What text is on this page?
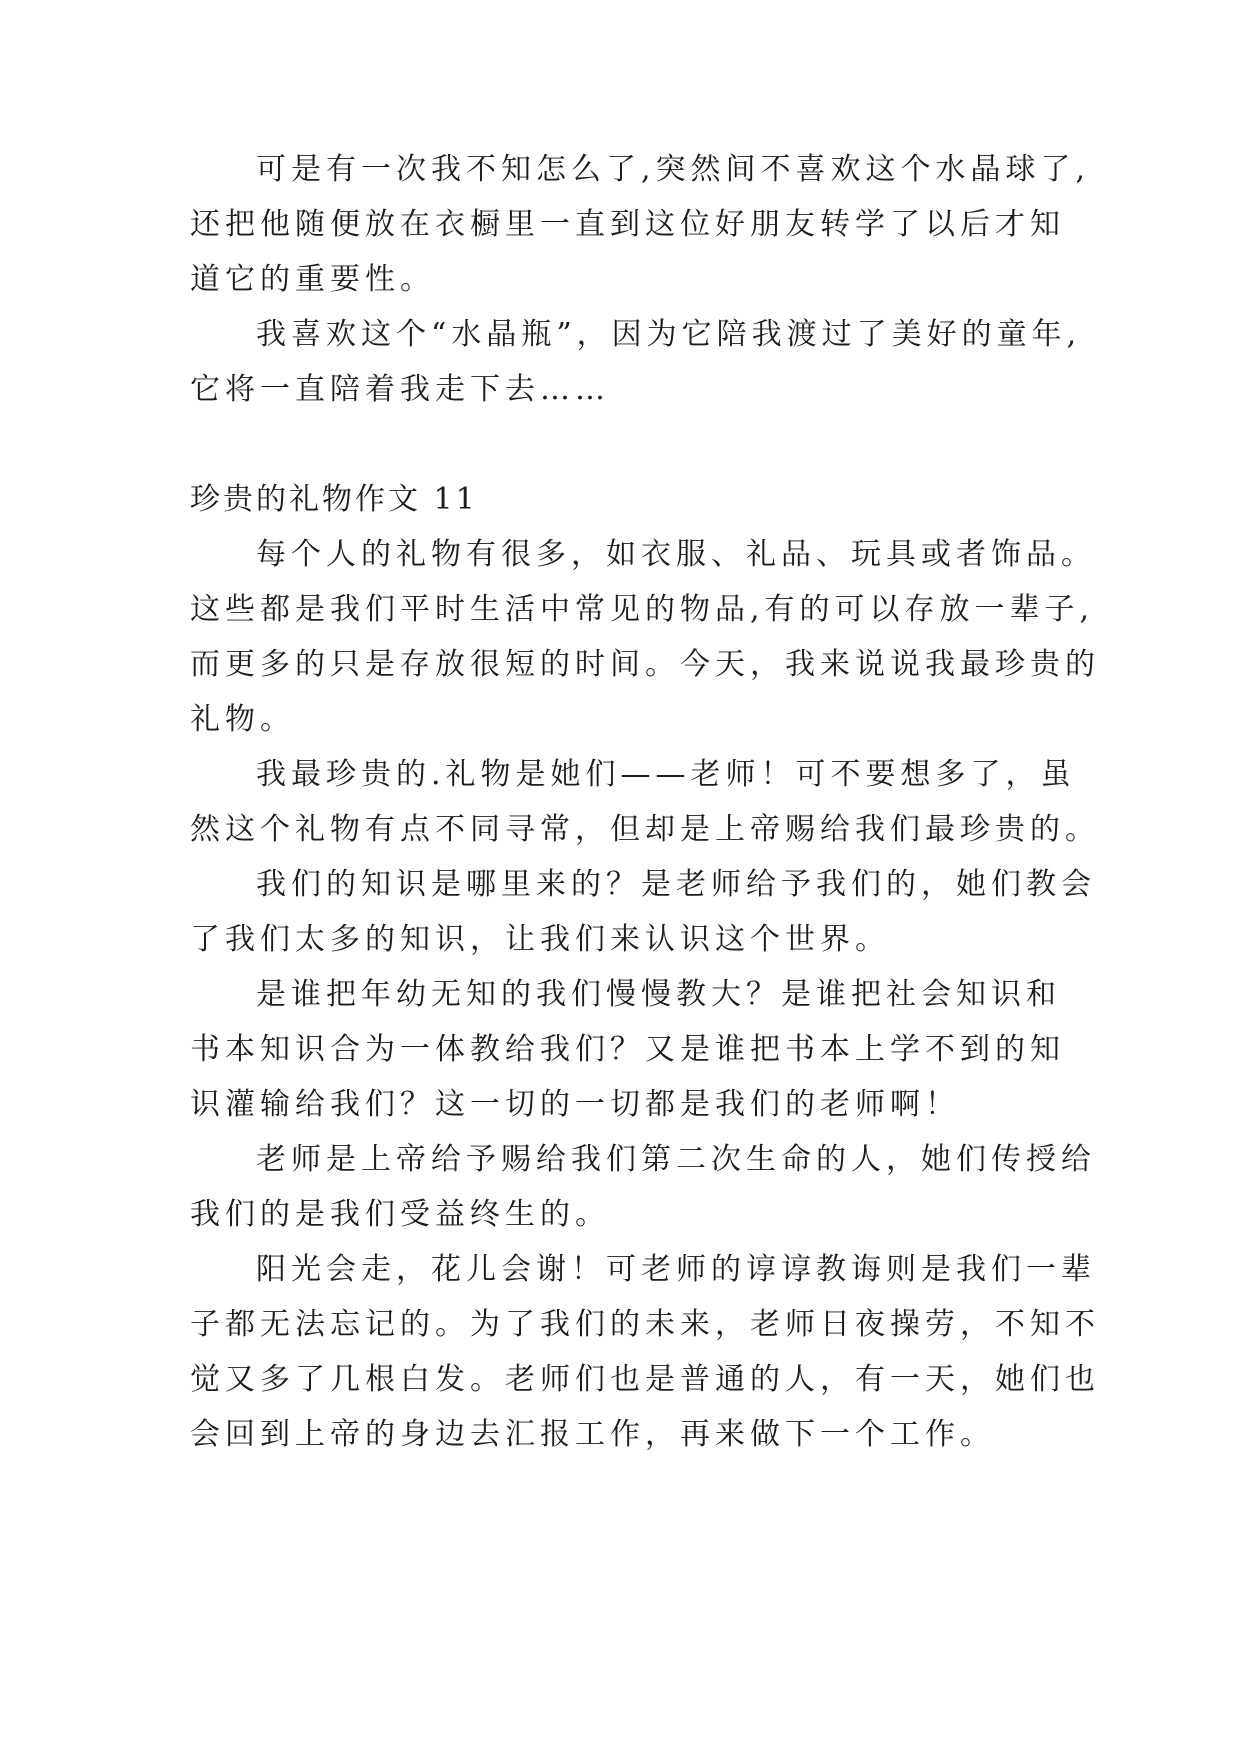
可是有一次我不知怎么了,突然间不喜欢这个水晶球了,
还把他随便放在衣橱里一直到这位好朋友转学了以后才知
道它的重要性。
我喜欢这个“水晶瓶”，因为它陪我渡过了美好的童年,
它将一直陪着我走下去……
珍贵的礼物作文 11
每个人的礼物有很多，如衣服、礼品、玩具或者饰品。
这些都是我们平时生活中常见的物品,有的可以存放一辈子,
而更多的只是存放很短的时间。今天，我来说说我最珍贵的
礼物。
我最珍贵的.礼物是她们——老师！可不要想多了，虽
然这个礼物有点不同寻常，但却是上帝赐给我们最珍贵的。
我们的知识是哪里来的？是老师给予我们的，她们教会
了我们太多的知识，让我们来认识这个世界。
是谁把年幼无知的我们慢慢教大？是谁把社会知识和
书本知识合为一体教给我们？又是谁把书本上学不到的知
识灌输给我们？这一切的一切都是我们的老师啊！
老师是上帝给予赐给我们第二次生命的人，她们传授给
我们的是我们受益终生的。
阳光会走，花儿会谢！可老师的谆谆教诲则是我们一辈
子都无法忘记的。为了我们的未来，老师日夜操劳，不知不
觉又多了几根白发。老师们也是普通的人，有一天，她们也
会回到上帝的身边去汇报工作，再来做下一个工作。
